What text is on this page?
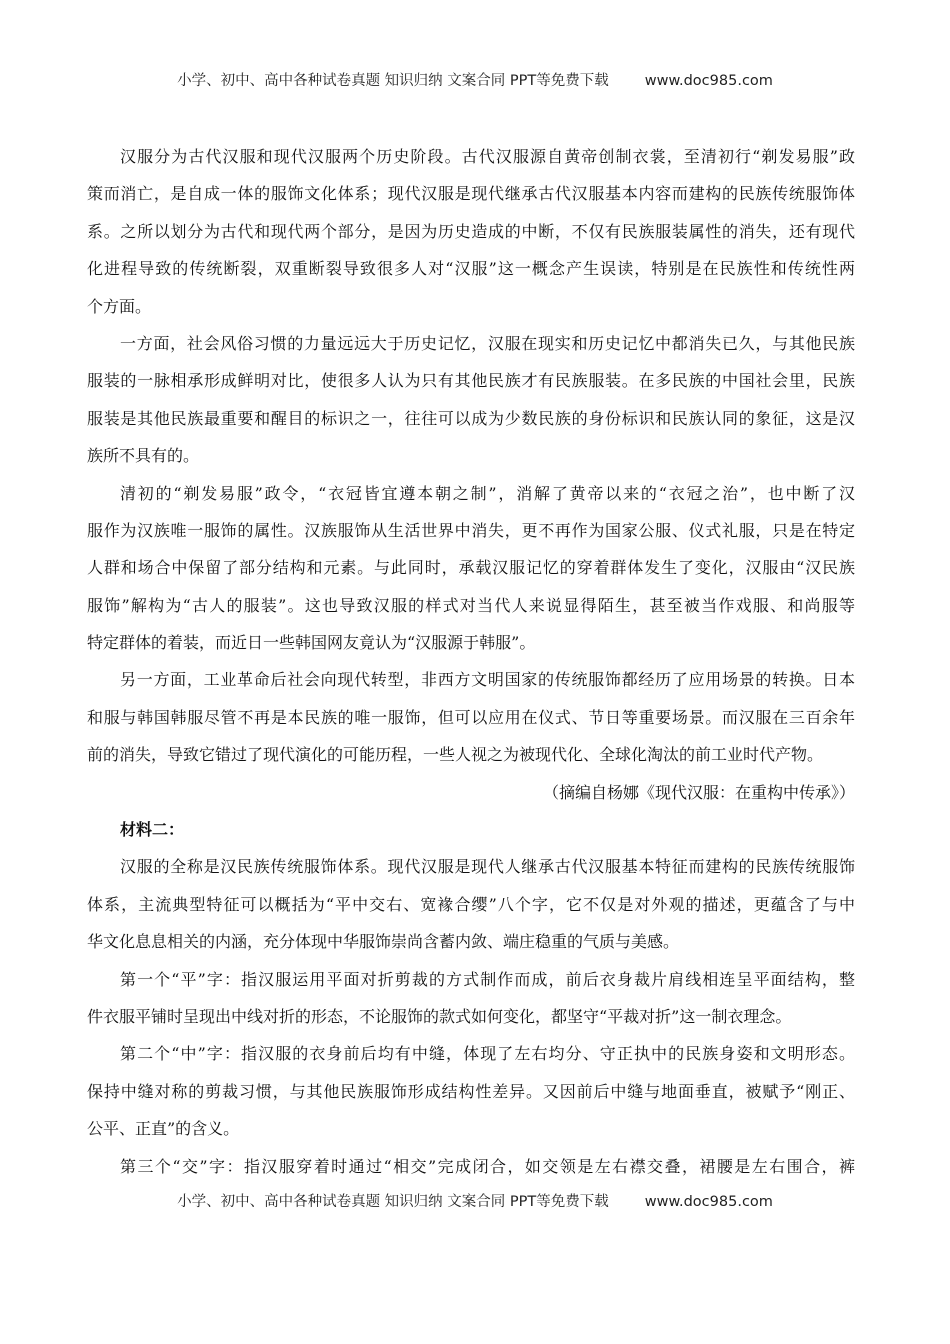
小学、初中、高中各种试卷真题 知识归纳 文案合同 PPT等免费下载 www.doc985.com
汉服分为古代汉服和现代汉服两个历史阶段。古代汉服源自黄帝创制衣裳，至清初行“剃发易服”政
策而消亡，是自成一体的服饰文化体系；现代汉服是现代继承古代汉服基本内容而建构的民族传统服饰体
系。之所以划分为古代和现代两个部分，是因为历史造成的中断，不仅有民族服装属性的消失，还有现代
化进程导致的传统断裂，双重断裂导致很多人对“汉服”这一概念产生误读，特别是在民族性和传统性两
个方面。
一方面，社会风俗习惯的力量远远大于历史记忆，汉服在现实和历史记忆中都消失已久，与其他民族
服装的一脉相承形成鲜明对比，使很多人认为只有其他民族才有民族服装。在多民族的中国社会里，民族
服装是其他民族最重要和醒目的标识之一，往往可以成为少数民族的身份标识和民族认同的象征，这是汉
族所不具有的。
清初的“剃发易服”政令，“衣冠皆宜遵本朝之制”，消解了黄帝以来的“衣冠之治”，也中断了汉
服作为汉族唯一服饰的属性。汉族服饰从生活世界中消失，更不再作为国家公服、仪式礼服，只是在特定
人群和场合中保留了部分结构和元素。与此同时，承载汉服记忆的穿着群体发生了变化，汉服由“汉民族
服饰”解构为“古人的服装”。这也导致汉服的样式对当代人来说显得陌生，甚至被当作戏服、和尚服等
特定群体的着装，而近日一些韩国网友竟认为“汉服源于韩服”。
另一方面，工业革命后社会向现代转型，非西方文明国家的传统服饰都经历了应用场景的转换。日本
和服与韩国韩服尽管不再是本民族的唯一服饰，但可以应用在仪式、节日等重要场景。而汉服在三百余年
前的消失，导致它错过了现代演化的可能历程，一些人视之为被现代化、全球化淘汰的前工业时代产物。
（摘编自杨娜《现代汉服：在重构中传承》）
材料二：
汉服的全称是汉民族传统服饰体系。现代汉服是现代人继承古代汉服基本特征而建构的民族传统服饰
体系，主流典型特征可以概括为“平中交右、宽褖合缨”八个字，它不仅是对外观的描述，更蕴含了与中
华文化息息相关的内涵，充分体现中华服饰崇尚含蓄内敛、端庄稳重的气质与美感。
第一个“平”字：指汉服运用平面对折剪裁的方式制作而成，前后衣身裁片肩线相连呈平面结构，整
件衣服平铺时呈现出中线对折的形态，不论服饰的款式如何变化，都坚守“平裁对折”这一制衣理念。
第二个“中”字：指汉服的衣身前后均有中缝，体现了左右均分、守正执中的民族身姿和文明形态。
保持中缝对称的剪裁习惯，与其他民族服饰形成结构性差异。又因前后中缝与地面垂直，被赋予“刚正、
公平、正直”的含义。
第三个“交”字：指汉服穿着时通过“相交”完成闭合，如交领是左右襟交叠，裙腰是左右围合，裤
小学、初中、高中各种试卷真题 知识归纳 文案合同 PPT等免费下载 www.doc985.com
